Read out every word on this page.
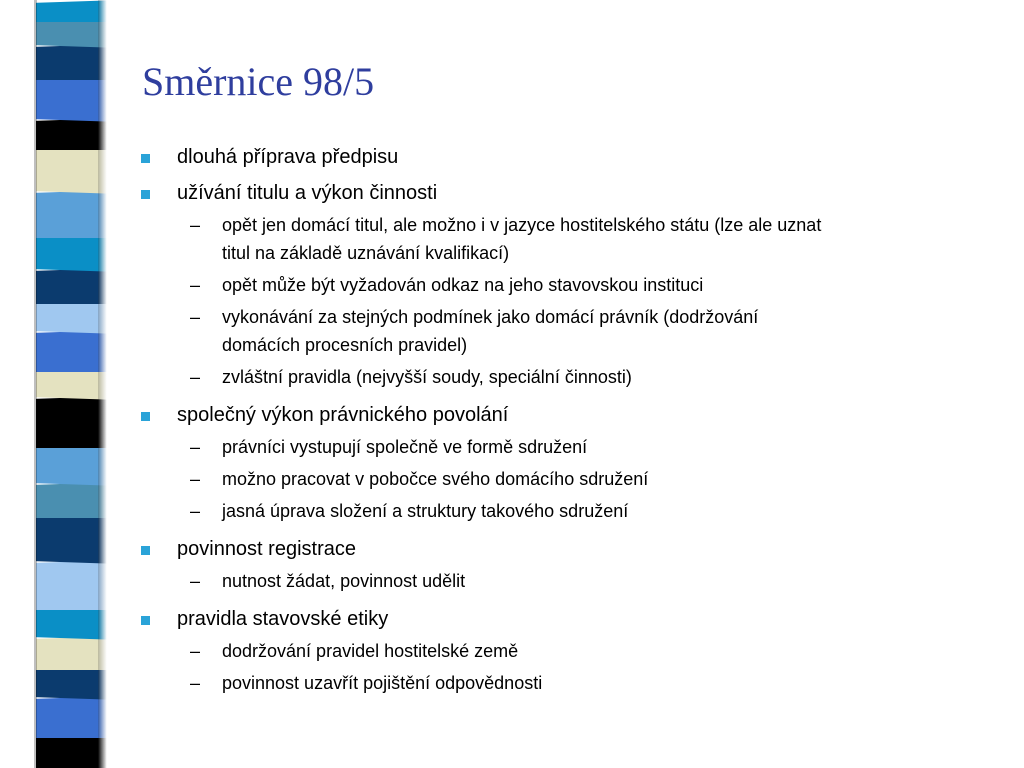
Směrnice 98/5
dlouhá příprava předpisu
užívání titulu a výkon činnosti
– opět jen domácí titul, ale možno i v jazyce hostitelského státu (lze ale uznat
titul na základě uznávání kvalifikací)
– opět může být vyžadován odkaz na jeho stavovskou instituci
– vykonávání za stejných podmínek jako domácí právník (dodržování
domácích procesních pravidel)
– zvláštní pravidla (nejvyšší soudy, speciální činnosti)
společný výkon právnického povolání
– právníci vystupují společně ve formě sdružení
– možno pracovat v pobočce svého domácího sdružení
– jasná úprava složení a struktury takového sdružení
povinnost registrace
– nutnost žádat, povinnost udělit
pravidla stavovské etiky
– dodržování pravidel hostitelské země
– povinnost uzavřít pojištění odpovědnosti
